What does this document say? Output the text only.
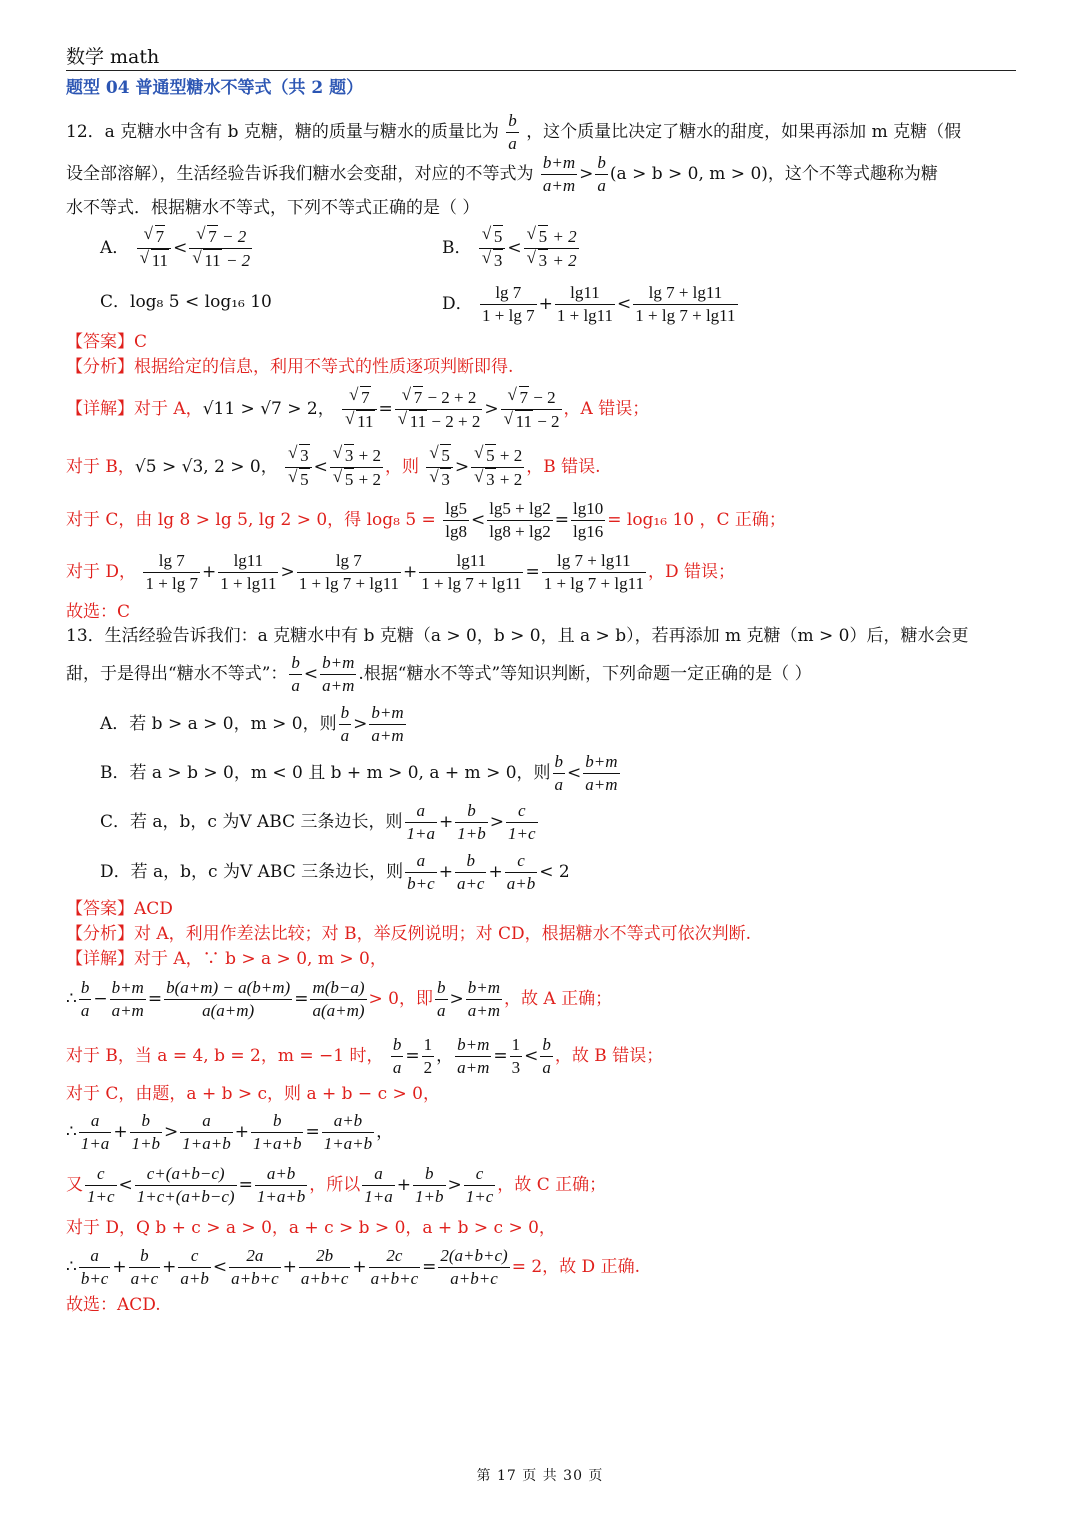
数学 math
题型 04 普通型糖水不等式（共 2 题）
12．a 克糖水中含有 b 克糖，糖的质量与糖水的质量比为 $\frac{b}{a}$ ，这个质量比决定了糖水的甜度，如果再添加 m 克糖（假
设全部溶解），生活经验告诉我们糖水会变甜，对应的不等式为 $\frac{b+m}{a+m} > \frac{b}{a} (a > b > 0$, m > 0)，这个不等式趣称为糖
水不等式．根据糖水不等式，下列不等式正确的是（ ）
A． √ 7
√ 11 < √ 7 − 2
√ 11 − 2	B． √ 5
√ 3 < √ 5 + 2
√ 3 + 2
C．log₈ 5 < log₁₆ 10	D． $\frac{\lg 7}{1 + \lg 7} + \frac{\lg 11}{1 + \lg 11} < \frac{\lg 7 + \lg 11}{1 + \lg 7 + \lg 11}$
【答案】C
【分析】根据给定的信息，利用不等式的性质逐项判断即得.
【详解】对于 A，√11 > √7 > 2， √ 7
√ 11 = √ 7 − 2 + 2
√ 11 − 2 + 2 > √ 7 − 2
√ 11 − 2 ，A 错误；
对于 B，√5 > √3, 2 > 0， √ 3
√ 5 < √ 3 + 2
√ 5 + 2 ，则 √ 5
√ 3 > √ 5 + 2
√ 3 + 2 ，B 错误.
对于 C，由 lg 8 > lg 5, lg 2 > 0，得 log₈ $5 = \frac{\lg 5}{\lg 8} < \frac{\lg 5 + \lg 2}{\lg 8 + \lg 2} = \frac{\lg 10}{\lg 16} = \log_{16}$ 10 ，C 正确；
对于 D， $\frac{\lg 7}{1 + \lg 7} + \frac{\lg 11}{1 + \lg 11} > \frac{\lg 7}{1 + \lg 7 + \lg 11} + \frac{\lg 11}{1 + \lg 7 + \lg 11} = \frac{\lg 7 + \lg 11}{1 + \lg 7 + \lg 11}$ ，D 错误；
故选：C
13．生活经验告诉我们：a 克糖水中有 b 克糖（a > 0，b > 0，且 a > b），若再添加 m 克糖（m > 0）后，糖水会更
甜，于是得出“糖水不等式”： $\frac{b}{a} < \frac{b+m}{a+m}$ .根据“糖水不等式”等知识判断，下列命题一定正确的是（ ）
A．若 b > a > 0，m > 0，则 $\frac{b}{a} > \frac{b+m}{a+m}$
B．若 a > b > 0，m < 0 且 b + m > 0, a + m > 0，则 $\frac{b}{a} < \frac{b+m}{a+m}$
C．若 a，b，c 为V ABC 三条边长，则 $\frac{a}{1+a} + \frac{b}{1+b} > \frac{c}{1+c}$
D．若 a，b，c 为V ABC 三条边长，则 $\frac{a}{b+c} + \frac{b}{a+c} + \frac{c}{a+b} < 2$
【答案】ACD
【分析】对 A，利用作差法比较；对 B，举反例说明；对 CD，根据糖水不等式可依次判断.
【详解】对于 A，∵ b > a > 0, m > 0，
∴ $\frac{b}{a} - \frac{b+m}{a+m} = \frac{b(a+m) - a(b+m)}{a(a+m)} = \frac{m(b-a)}{a(a+m)} > 0$，即 $\frac{b}{a} > \frac{b+m}{a+m}$ ，故 A 正确；
对于 B，当 a = 4, b = 2，m = −1 时， $\frac{b}{a} = \frac{1}{2}$ ， $\frac{b+m}{a+m} = \frac{1}{3} < \frac{b}{a}$ ，故 B 错误；
对于 C，由题，a + b > c，则 a + b − c > 0，
∴ $\frac{a}{1+a} + \frac{b}{1+b} > \frac{a}{1+a+b} + \frac{b}{1+a+b} = \frac{a+b}{1+a+b}$ ，
又 $\frac{c}{1+c} < \frac{c+(a+b-c)}{1+c+(a+b-c)} = \frac{a+b}{1+a+b}$ ，所以 $\frac{a}{1+a} + \frac{b}{1+b} > \frac{c}{1+c}$ ，故 C 正确；
对于 D，Q b + c > a > 0，a + c > b > 0，a + b > c > 0，
∴ $\frac{a}{b+c} + \frac{b}{a+c} + \frac{c}{a+b} < \frac{2a}{a+b+c} + \frac{2b}{a+b+c} + \frac{2c}{a+b+c} = \frac{2(a+b+c)}{a+b+c} = 2$，故 D 正确.
故选：ACD.
第 17 页 共 30 页
